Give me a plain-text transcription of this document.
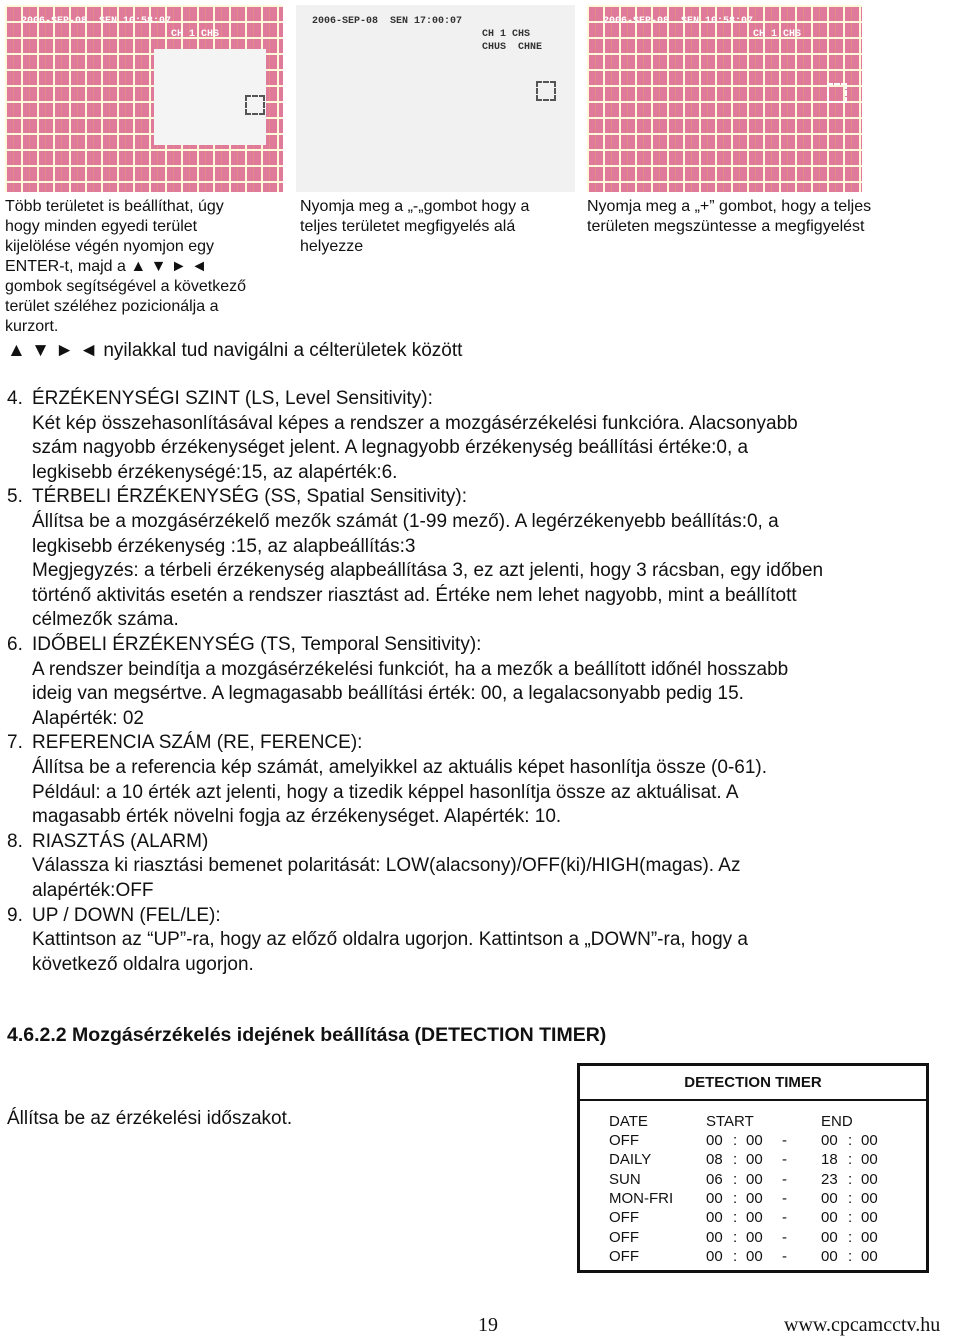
2006-SEP-08  SEN 10:58:07
CH 1 CHS
2006-SEP-08  SEN 17:00:07
CH 1 CHS
CHUS  CHNE
2006-SEP-08  SEN 10:58:07
CH 1 CHS
Több területet is beállíthat, úgy
hogy minden egyedi terület
kijelölése végén nyomjon egy
ENTER-t, majd a ▲ ▼ ► ◄
gombok segítségével a következő
terület széléhez pozicionálja a
kurzort.
Nyomja meg a „-„gombot hogy a
teljes területet megfigyelés alá
helyezze
Nyomja meg a „+” gombot, hogy a teljes
területen megszüntesse a megfigyelést
▲ ▼ ► ◄ nyilakkal tud navigálni a célterületek között
4. ÉRZÉKENYSÉGI SZINT (LS, Level Sensitivity):
Két kép összehasonlításával képes a rendszer a mozgásérzékelési funkcióra. Alacsonyabb
szám nagyobb érzékenységet jelent. A legnagyobb érzékenység beállítási értéke:0, a
legkisebb érzékenységé:15, az alapérték:6.
5. TÉRBELI ÉRZÉKENYSÉG (SS, Spatial Sensitivity):
Állítsa be a mozgásérzékelő mezők számát (1-99 mező). A legérzékenyebb beállítás:0, a
legkisebb érzékenység :15, az alapbeállítás:3
Megjegyzés: a térbeli érzékenység alapbeállítása 3, ez azt jelenti, hogy 3 rácsban, egy időben
történő aktivitás esetén a rendszer riasztást ad. Értéke nem lehet nagyobb, mint a beállított
célmezők száma.
6. IDŐBELI ÉRZÉKENYSÉG (TS, Temporal Sensitivity):
A rendszer beindítja a mozgásérzékelési funkciót, ha a mezők a beállított időnél hosszabb
ideig van megsértve. A legmagasabb beállítási érték: 00, a legalacsonyabb pedig 15.
Alapérték: 02
7. REFERENCIA SZÁM (RE, FERENCE):
Állítsa be a referencia kép számát, amelyikkel az aktuális képet hasonlítja össze (0-61).
Például: a 10 érték azt jelenti, hogy a tizedik képpel hasonlítja össze az aktuálisat. A
magasabb érték növelni fogja az érzékenységet. Alapérték: 10.
8. RIASZTÁS (ALARM)
Válassza ki riasztási bemenet polaritását: LOW(alacsony)/OFF(ki)/HIGH(magas). Az
alapérték:OFF
9. UP / DOWN (FEL/LE):
Kattintson az “UP”-ra, hogy az előző oldalra ugorjon. Kattintson a „DOWN”-ra, hogy a
következő oldalra ugorjon.
4.6.2.2 Mozgásérzékelés idejének beállítása (DETECTION TIMER)
Állítsa be az érzékelési időszakot.
DETECTION TIMER
DATE	START	END
OFF	00 : 00 - 00 : 00
DAILY	08 : 00 - 18 : 00
SUN	06 : 00 - 23 : 00
MON-FRI 00 : 00 - 00 : 00
OFF	00 : 00 - 00 : 00
OFF	00 : 00 - 00 : 00
OFF	00 : 00 - 00 : 00
19	www.cpcamcctv.hu
